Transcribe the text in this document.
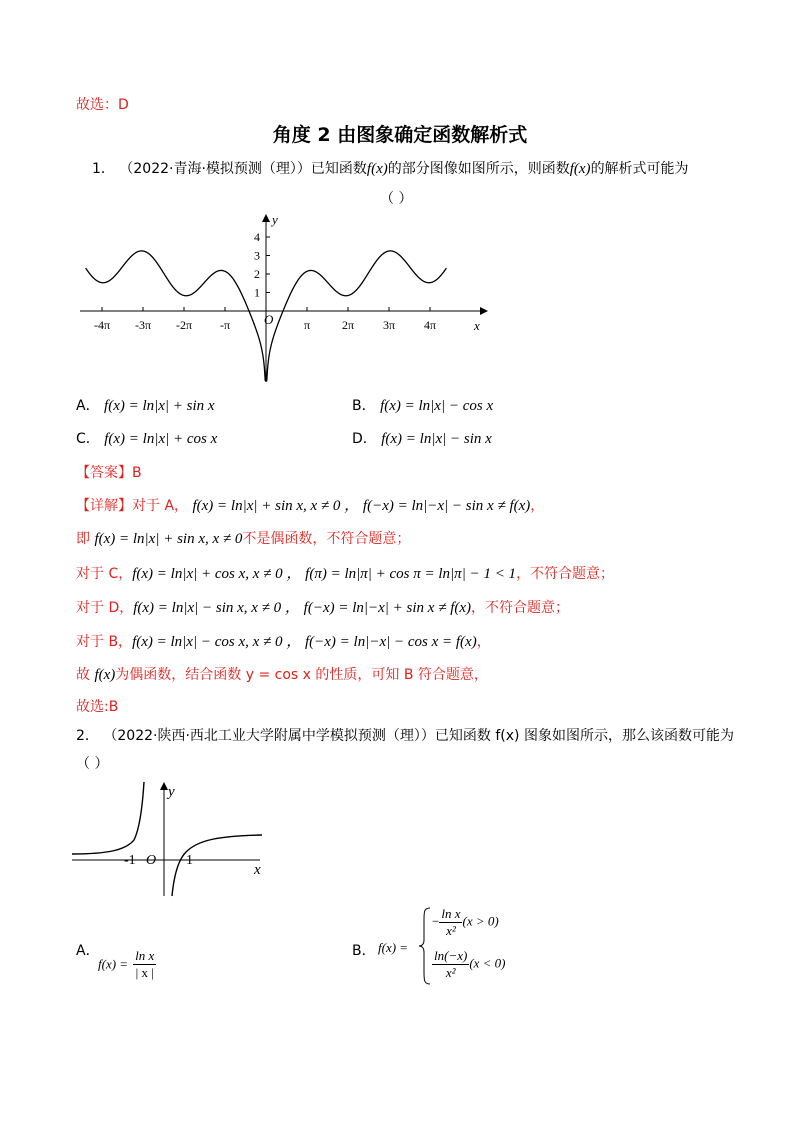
故选：D
角度 2 由图象确定函数解析式
1． （2022·青海·模拟预测（理））已知函数f(x)的部分图像如图所示，则函数f(x)的解析式可能为
（ ）
-4π -3π -2π -π	π	2π 3π 4π
1
2
3
4
y
x
O
A． f(x) = ln|x| + sin x	B． f(x) = ln|x| − cos x
C． f(x) = ln|x| + cos x	D． f(x) = ln|x| − sin x
【答案】B
【详解】对于 A， f(x) = ln|x| + sin x, x ≠ 0 ， f(−x) = ln|−x| − sin x ≠ f(x)，
即 f(x) = ln|x| + sin x, x ≠ 0不是偶函数，不符合题意；
对于 C，f(x) = ln|x| + cos x, x ≠ 0 ， f(π) = ln|π| + cos π = ln|π| − 1 < 1，不符合题意；
对于 D，f(x) = ln|x| − sin x, x ≠ 0 ， f(−x) = ln|−x| + sin x ≠ f(x)，不符合题意；
对于 B，f(x) = ln|x| − cos x, x ≠ 0 ， f(−x) = ln|−x| − cos x = f(x)，
故 f(x)为偶函数，结合函数 y = cos x 的性质，可知 B 符合题意，
故选:B
2． （2022·陕西·西北工业大学附属中学模拟预测（理））已知函数 f(x) 图象如图所示，那么该函数可能为
（ ）
y
x
O
-1	1
A．
$f(x) = \frac{\text{ln x}}{| x |}$	B． f(x) =
− $\frac{\text{ln x}}{\text{x²}} (x > 0)$
$\frac{\ln(-x)}{\text{x²}} (x < 0)$
